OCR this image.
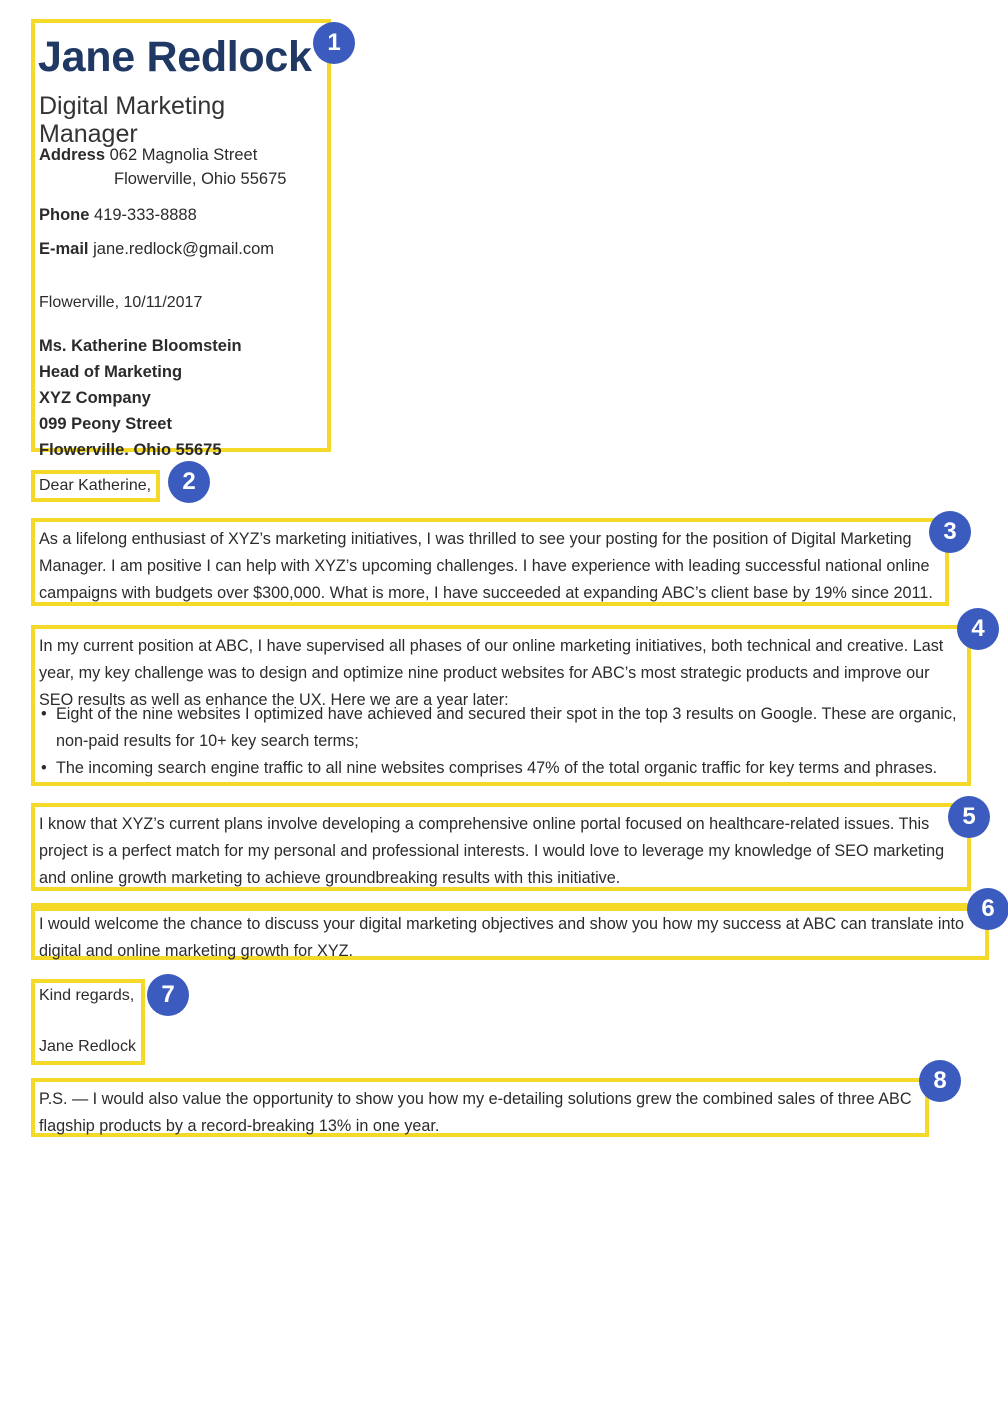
1
2
3
4
5
6
7
8
Jane Redlock
Digital Marketing Manager
Address 062 Magnolia Street
Flowerville, Ohio 55675
Phone 419-333-8888
E-mail jane.redlock@gmail.com
Flowerville, 10/11/2017
Ms. Katherine Bloomstein
Head of Marketing
XYZ Company
099 Peony Street
Flowerville. Ohio 55675
Dear Katherine,
As a lifelong enthusiast of XYZ’s marketing initiatives, I was thrilled to see your posting for the position of Digital Marketing Manager. I am positive I can help with XYZ’s upcoming challenges. I have experience with leading successful national online campaigns with budgets over $300,000. What is more, I have succeeded at expanding ABC’s client base by 19% since 2011.
In my current position at ABC, I have supervised all phases of our online marketing initiatives, both technical and creative. Last year, my key challenge was to design and optimize nine product websites for ABC’s most strategic products and improve our SEO results as well as enhance the UX. Here we are a year later:
• Eight of the nine websites I optimized have achieved and secured their spot in the top 3 results on Google. These are organic, non-paid results for 10+ key search terms;
• The incoming search engine traffic to all nine websites comprises 47% of the total organic traffic for key terms and phrases.
I know that XYZ’s current plans involve developing a comprehensive online portal focused on healthcare-related issues. This project is a perfect match for my personal and professional interests. I would love to leverage my knowledge of SEO marketing and online growth marketing to achieve groundbreaking results with this initiative.
I would welcome the chance to discuss your digital marketing objectives and show you how my success at ABC can translate into digital and online marketing growth for XYZ.
Kind regards,
Jane Redlock
P.S. — I would also value the opportunity to show you how my e-detailing solutions grew the combined sales of three ABC flagship products by a record-breaking 13% in one year.
